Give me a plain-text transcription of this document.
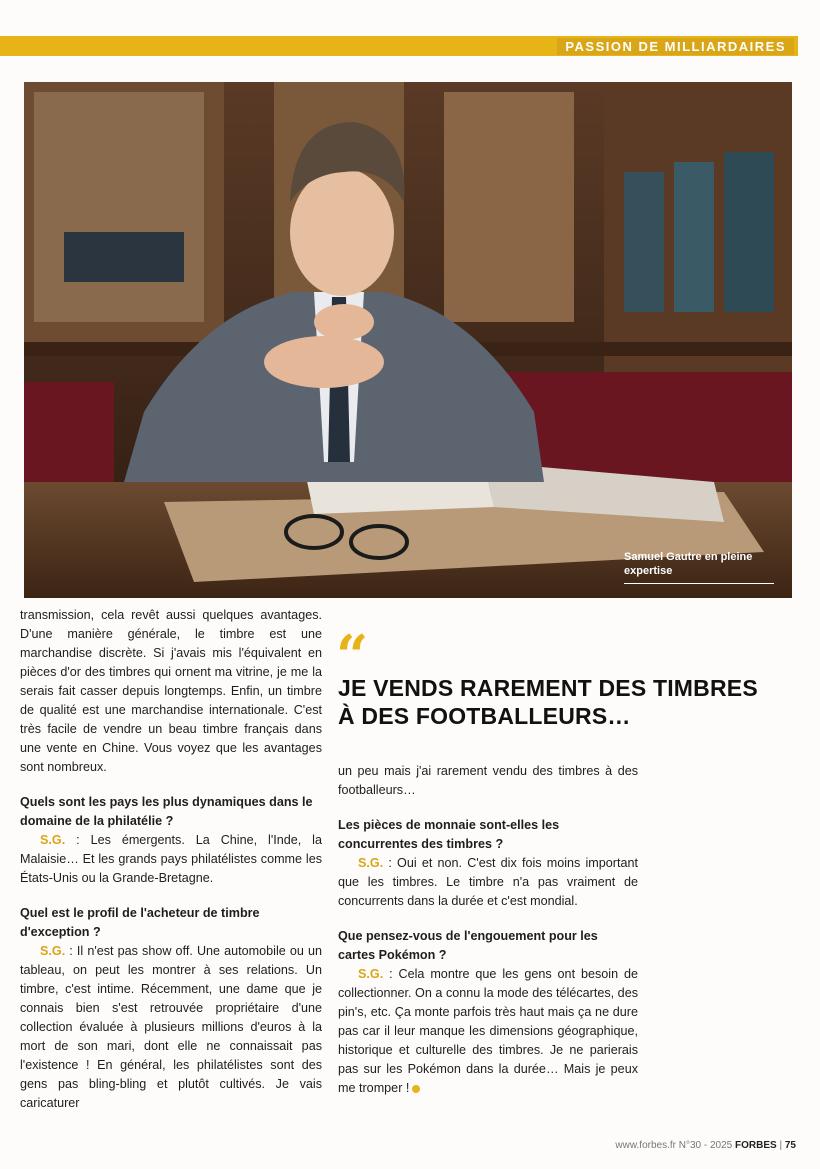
PASSION DE MILLIARDAIRES
Samuel Gautre en pleine expertise

transmission, cela revêt aussi quelques avantages. D'une manière générale, le timbre est une marchandise discrète. Si j'avais mis l'équivalent en pièces d'or des timbres qui ornent ma vitrine, je me la serais fait casser depuis longtemps. Enfin, un timbre de qualité est une marchandise internationale. C'est très facile de vendre un beau timbre français dans une vente en Chine. Vous voyez que les avantages sont nombreux.

Quels sont les pays les plus dynamiques dans le domaine de la philatélie ?

S.G. : Les émergents. La Chine, l'Inde, la Malaisie… Et les grands pays philatélistes comme les États-Unis ou la Grande-Bretagne.

Quel est le profil de l'acheteur de timbre d'exception ?

S.G. : Il n'est pas show off. Une automobile ou un tableau, on peut les montrer à ses relations. Un timbre, c'est intime. Récemment, une dame que je connais bien s'est retrouvée propriétaire d'une collection évaluée à plusieurs millions d'euros à la mort de son mari, dont elle ne connaissait pas l'existence ! En général, les philatélistes sont des gens pas bling-bling et plutôt cultivés. Je vais caricaturer

“
JE VENDS RAREMENT DES TIMBRES À DES FOOTBALLEURS…

un peu mais j'ai rarement vendu des timbres à des footballeurs…

Les pièces de monnaie sont-elles les concurrentes des timbres ?

S.G. : Oui et non. C'est dix fois moins important que les timbres. Le timbre n'a pas vraiment de concurrents dans la durée et c'est mondial.

Que pensez-vous de l'engouement pour les cartes Pokémon ?

S.G. : Cela montre que les gens ont besoin de collectionner. On a connu la mode des télécartes, des pin's, etc. Ça monte parfois très haut mais ça ne dure pas car il leur manque les dimensions géographique, historique et culturelle des timbres. Je ne parierais pas sur les Pokémon dans la durée… Mais je peux me tromper !

www.forbes.fr N°30 - 2025 FORBES | 75
